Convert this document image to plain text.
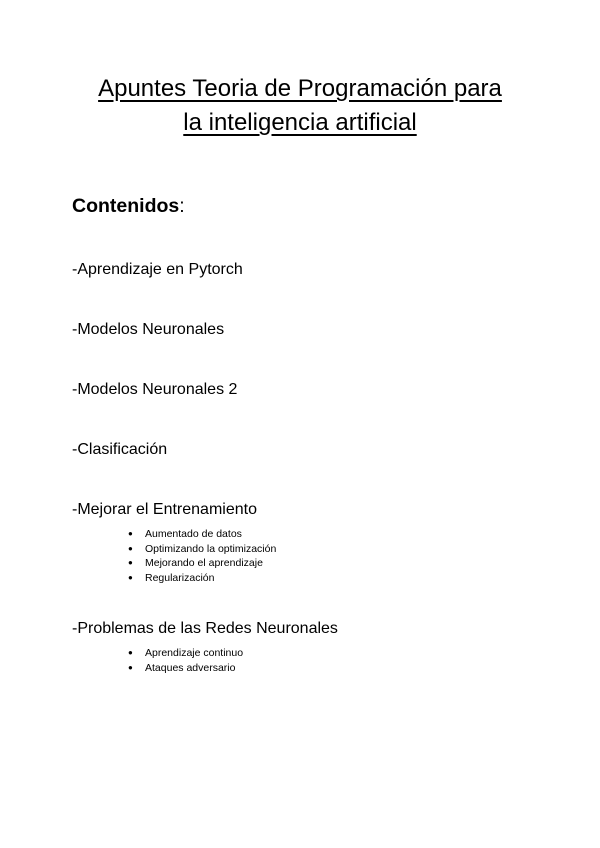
Apuntes Teoria de Programación para
la inteligencia artificial
Contenidos:
-Aprendizaje en Pytorch
-Modelos Neuronales
-Modelos Neuronales 2
-Clasificación
-Mejorar el Entrenamiento
● Aumentado de datos
● Optimizando la optimización
● Mejorando el aprendizaje
● Regularización
-Problemas de las Redes Neuronales
● Aprendizaje continuo
● Ataques adversario
